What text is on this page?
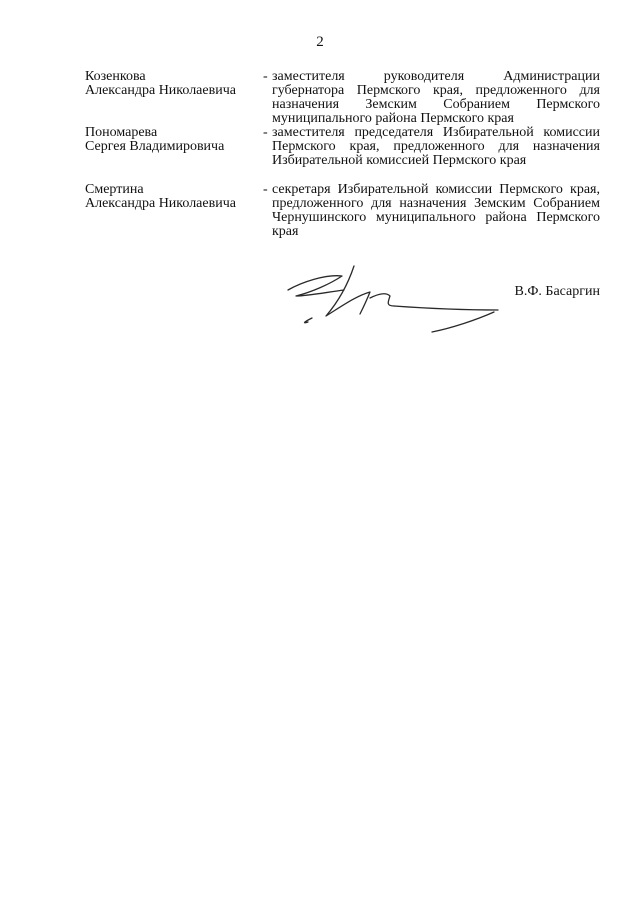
2
Козенкова
Александра Николаевича
- заместителя руководителя Администрации губернатора Пермского края, предложенного для назначения Земским Собранием Пермского муниципального района Пермского края
Пономарева
Сергея Владимировича
- заместителя председателя Избирательной комиссии Пермского края, предложенного для назначения Избирательной комиссией Пермского края
Смертина
Александра Николаевича
- секретаря Избирательной комиссии Пермского края, предложенного для назначения Земским Собранием Чернушинского муниципального района Пермского края
В.Ф. Басаргин
